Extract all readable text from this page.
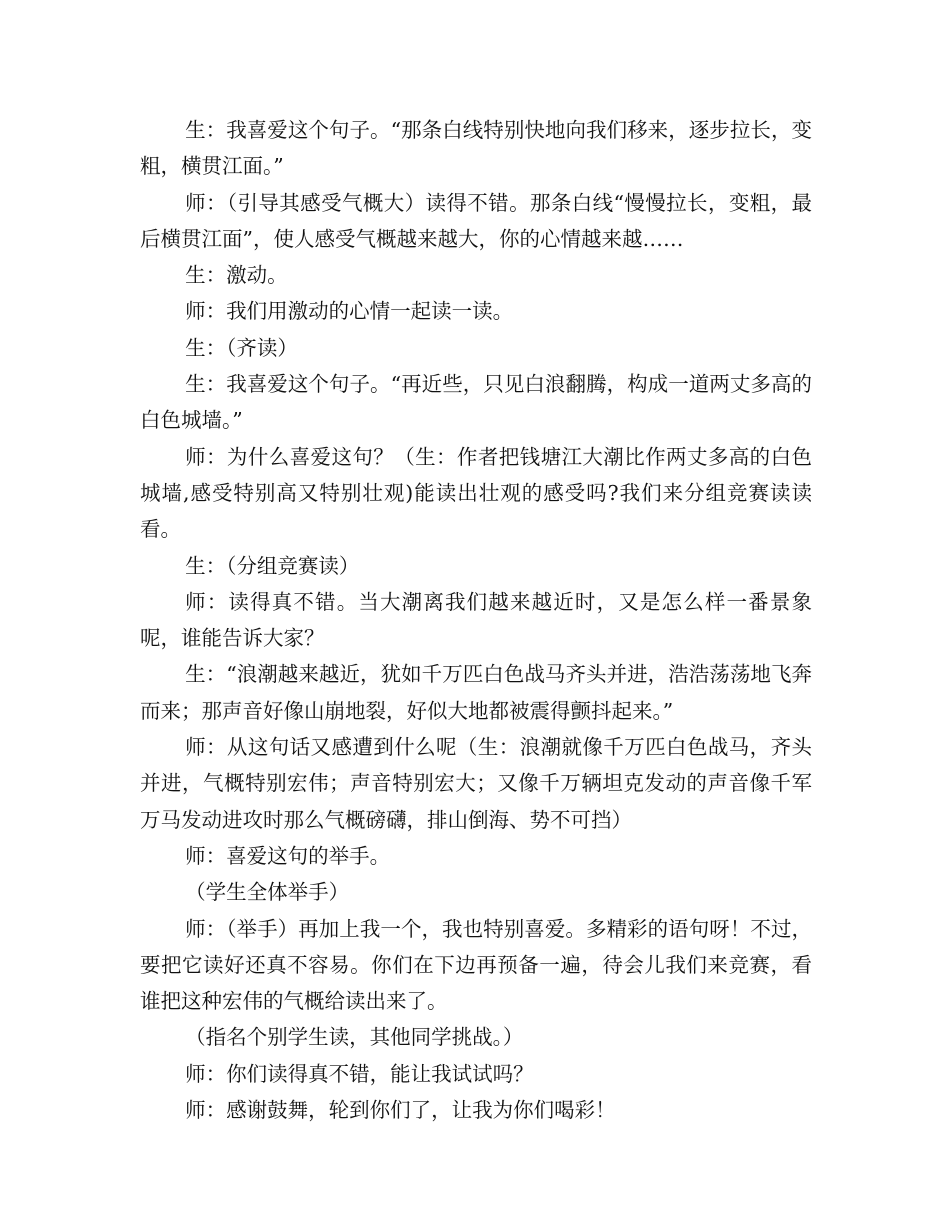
生：我喜爱这个句子。“那条白线特别快地向我们移来，逐步拉长，变粗，横贯江面。”

师：（引导其感受气概大）读得不错。那条白线“慢慢拉长，变粗，最后横贯江面”，使人感受气概越来越大，你的心情越来越……

生：激动。

师：我们用激动的心情一起读一读。

生：（齐读）

生：我喜爱这个句子。“再近些，只见白浪翻腾，构成一道两丈多高的白色城墙。”

师：为什么喜爱这句？（生：作者把钱塘江大潮比作两丈多高的白色城墙,感受特别高又特别壮观)能读出壮观的感受吗?我们来分组竞赛读读看。

生：（分组竞赛读）

师：读得真不错。当大潮离我们越来越近时，又是怎么样一番景象呢，谁能告诉大家？

生：“浪潮越来越近，犹如千万匹白色战马齐头并进，浩浩荡荡地飞奔而来；那声音好像山崩地裂，好似大地都被震得颤抖起来。”

师：从这句话又感遭到什么呢（生：浪潮就像千万匹白色战马，齐头并进，气概特别宏伟；声音特别宏大；又像千万辆坦克发动的声音像千军万马发动进攻时那么气概磅礴，排山倒海、势不可挡）

师：喜爱这句的举手。

（学生全体举手）

师：（举手）再加上我一个，我也特别喜爱。多精彩的语句呀！不过，要把它读好还真不容易。你们在下边再预备一遍，待会儿我们来竞赛，看谁把这种宏伟的气概给读出来了。

（指名个别学生读，其他同学挑战。）

师：你们读得真不错，能让我试试吗？

师：感谢鼓舞，轮到你们了，让我为你们喝彩！
